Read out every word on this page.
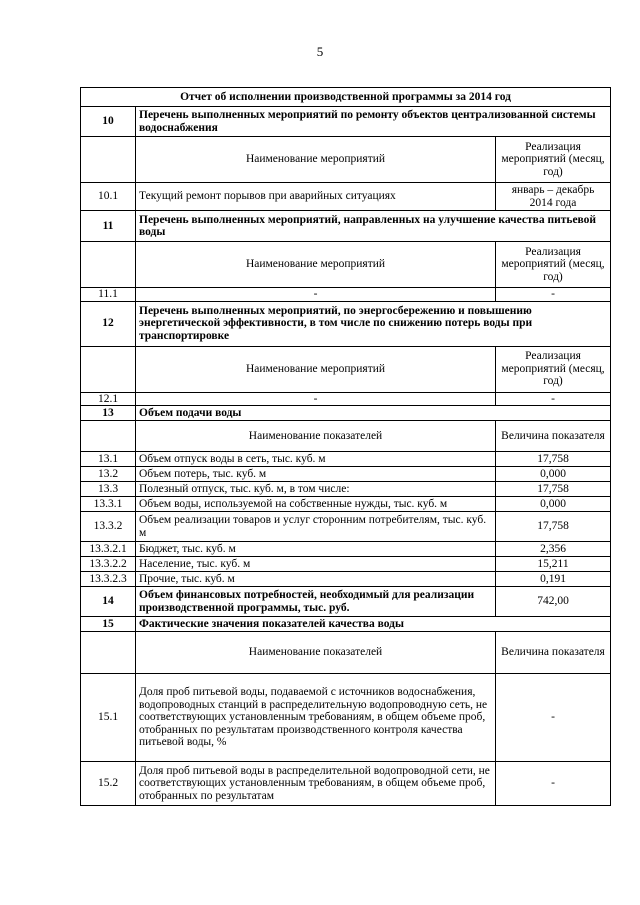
5
Отчет об исполнении производственной программы за 2014 год		
10	Перечень выполненных мероприятий по ремонту объектов централизованной системы водоснабжения	
	Наименование мероприятий	Реализация мероприятий (месяц, год)
10.1	Текущий ремонт порывов при аварийных ситуациях	январь – декабрь 2014 года
11	Перечень выполненных мероприятий, направленных на улучшение качества питьевой воды	
	Наименование мероприятий	Реализация мероприятий (месяц, год)
11.1	-	-
12	Перечень выполненных мероприятий, по энергосбережению и повышению энергетической эффективности, в том числе по снижению потерь воды при транспортировке	
	Наименование мероприятий	Реализация мероприятий (месяц, год)
12.1	-	-
13	Объем подачи воды	
	Наименование показателей	Величина показателя
13.1	Объем отпуск воды в сеть, тыс. куб. м	17,758
13.2	Объем потерь, тыс. куб. м	0,000
13.3	Полезный отпуск, тыс. куб. м, в том числе:	17,758
13.3.1	Объем воды, используемой на собственные нужды, тыс. куб. м	0,000
13.3.2	Объем реализации товаров и услуг сторонним потребителям, тыс. куб. м	17,758
13.3.2.1	Бюджет, тыс. куб. м	2,356
13.3.2.2	Население, тыс. куб. м	15,211
13.3.2.3	Прочие, тыс. куб. м	0,191
14	Объем финансовых потребностей, необходимый для реализации производственной программы, тыс. руб.	742,00
15	Фактические значения показателей качества воды	
	Наименование показателей	Величина показателя
15.1	Доля проб питьевой воды, подаваемой с источников водоснабжения, водопроводных станций в распределительную водопроводную сеть, не соответствующих установленным требованиям, в общем объеме проб, отобранных по результатам производственного контроля качества питьевой воды, %	-
15.2	Доля проб питьевой воды в распределительной водопроводной сети, не соответствующих установленным требованиям, в общем объеме проб, отобранных по результатам	-
